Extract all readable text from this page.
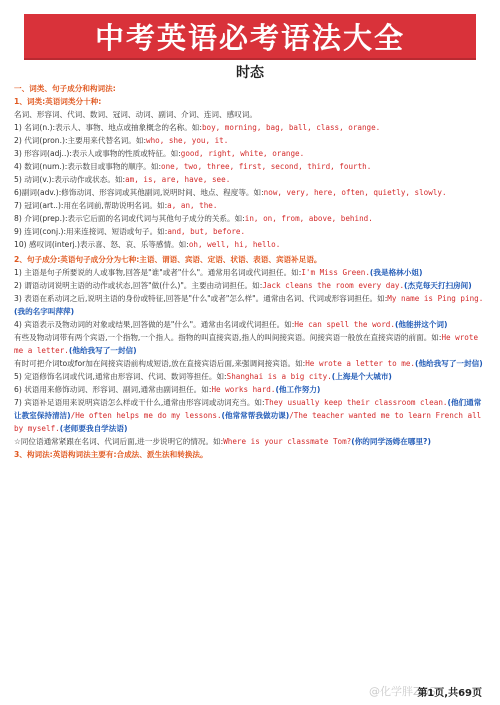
中考英语必考语法大全
时态
一、词类、句子成分和构词法:
1、词类:英语词类分十种:
名词、形容词、代词、数词、冠词、动词、副词、介词、连词、感叹词。
1) 名词(n.):表示人、事物、地点或抽象概念的名称。如:boy, morning, bag, ball, class, orange.
2) 代词(pron.):主要用来代替名词。如:who, she, you, it.
3) 形容词(adj..):表示人或事物的性质或特征。如:good, right, white, orange.
4) 数词(num.):表示数目或事物的顺序。如:one, two, three, first, second, third, fourth.
5) 动词(v.):表示动作或状态。如:am, is, are, have, see.
6)副词(adv.):修饰动词、形容词或其他副词,说明时间、地点、程度等。如:now, very, here, often, quietly, slowly.
7) 冠词(art..):用在名词前,帮助说明名词。如:a, an, the.
8) 介词(prep.):表示它后面的名词或代词与其他句子成分的关系。如:in, on, from, above, behind.
9) 连词(conj.):用来连接词、短语或句子。如:and, but, before.
10) 感叹词(interj.)表示喜、怒、哀、乐等感情。如:oh, well, hi, hello.
2、句子成分:英语句子成分分为七种:主语、谓语、宾语、定语、状语、表语、宾语补足语。
1) 主语是句子所要说的人或事物,回答是"谁"或者"什么"。通常用名词或代词担任。如:I'm Miss Green.(我是格林小姐)
2) 谓语动词说明主语的动作或状态,回答"做(什么)"。主要由动词担任。如:Jack cleans the room every day.(杰克每天打扫房间)
3) 表语在系动词之后,说明主语的身份或特征,回答是"什么"或者"怎么样"。通常由名词、代词或形容词担任。如:My name is Ping ping.(我的名字叫萍萍)
4) 宾语表示及物动词的对象或结果,回答做的是"什么"。通常由名词或代词担任。如:He can spell the word.(他能拼这个词)
有些及物动词带有两个宾语,一个指物,一个指人。指物的叫直接宾语,指人的叫间接宾语。间接宾语一般放在直接宾语的前面。如:He wrote me a letter.(他给我写了一封信)
有时可把介词to或for加在间接宾语前构成短语,放在直接宾语后面,来强调间接宾语。如:He wrote a letter to me.(他给我写了一封信)
5) 定语修饰名词或代词,通常由形容词、代词、数词等担任。如:Shanghai is a big city.(上海是个大城市)
6) 状语用来修饰动词、形容词、副词,通常由副词担任。如:He works hard.(他工作努力)
7) 宾语补足语用来说明宾语怎么样或干什么,通常由形容词或动词充当。如:They usually keep their classroom clean.(他们通常让教室保持清洁)/He often helps me do my lessons.(他常常帮我做功课)/The teacher wanted me to learn French all by myself.(老师要我自学法语)
☆同位语通常紧跟在名词、代词后面,进一步说明它的情况。如:Where is your classmate Tom?(你的同学汤姆在哪里?)
3、构词法:英语构词法主要有:合成法、派生法和转换法。
@化学胖ZGS
第1页,共69页
